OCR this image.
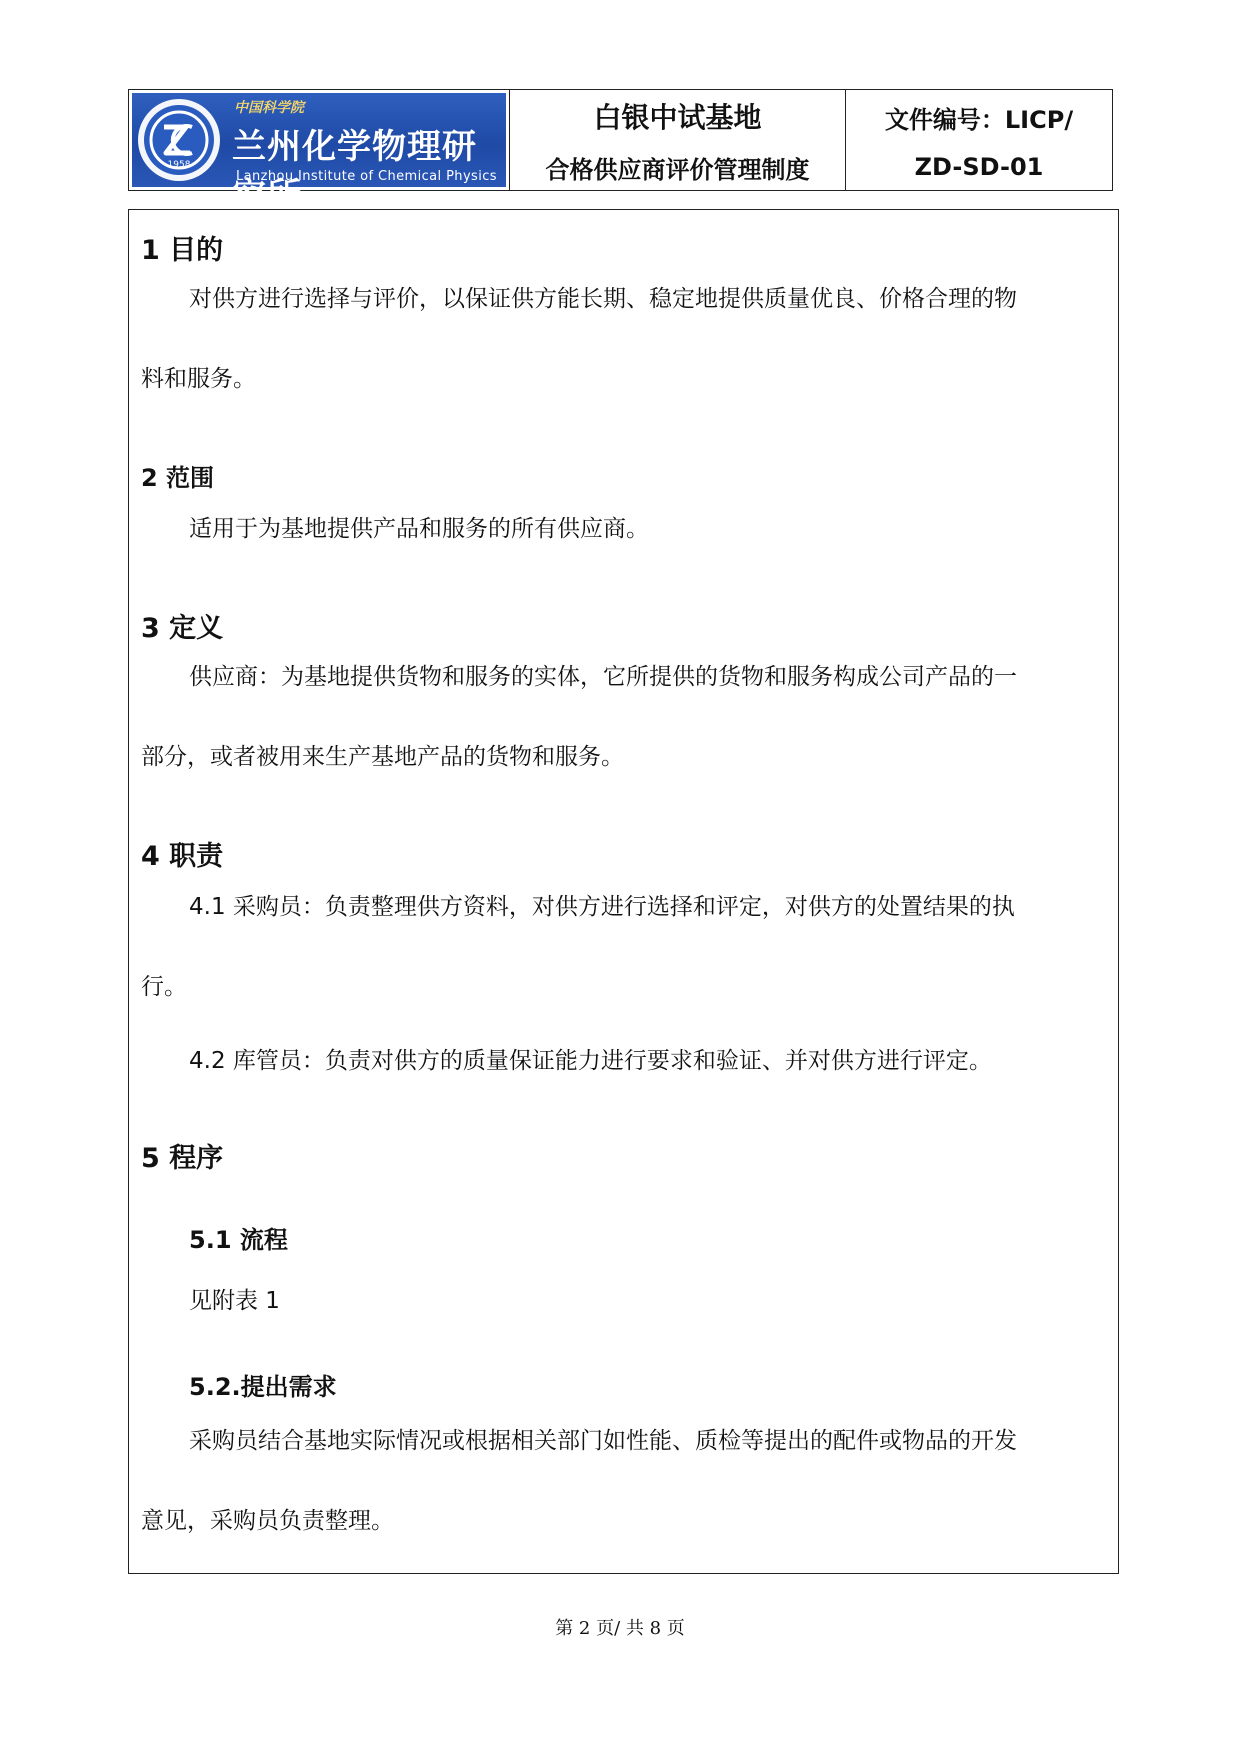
1958
中国科学院
兰州化学物理研究所
Lanzhou Institute of Chemical Physics
白银中试基地
合格供应商评价管理制度
文件编号：LICP/
ZD-SD-01
1 目的
对供方进行选择与评价，以保证供方能长期、稳定地提供质量优良、价格合理的物
料和服务。
2 范围
适用于为基地提供产品和服务的所有供应商。
3 定义
供应商：为基地提供货物和服务的实体，它所提供的货物和服务构成公司产品的一
部分，或者被用来生产基地产品的货物和服务。
4 职责
4.1 采购员：负责整理供方资料，对供方进行选择和评定，对供方的处置结果的执
行。
4.2 库管员：负责对供方的质量保证能力进行要求和验证、并对供方进行评定。
5 程序
5.1 流程
见附表 1
5.2.提出需求
采购员结合基地实际情况或根据相关部门如性能、质检等提出的配件或物品的开发
意见，采购员负责整理。
第 2 页/ 共 8 页
